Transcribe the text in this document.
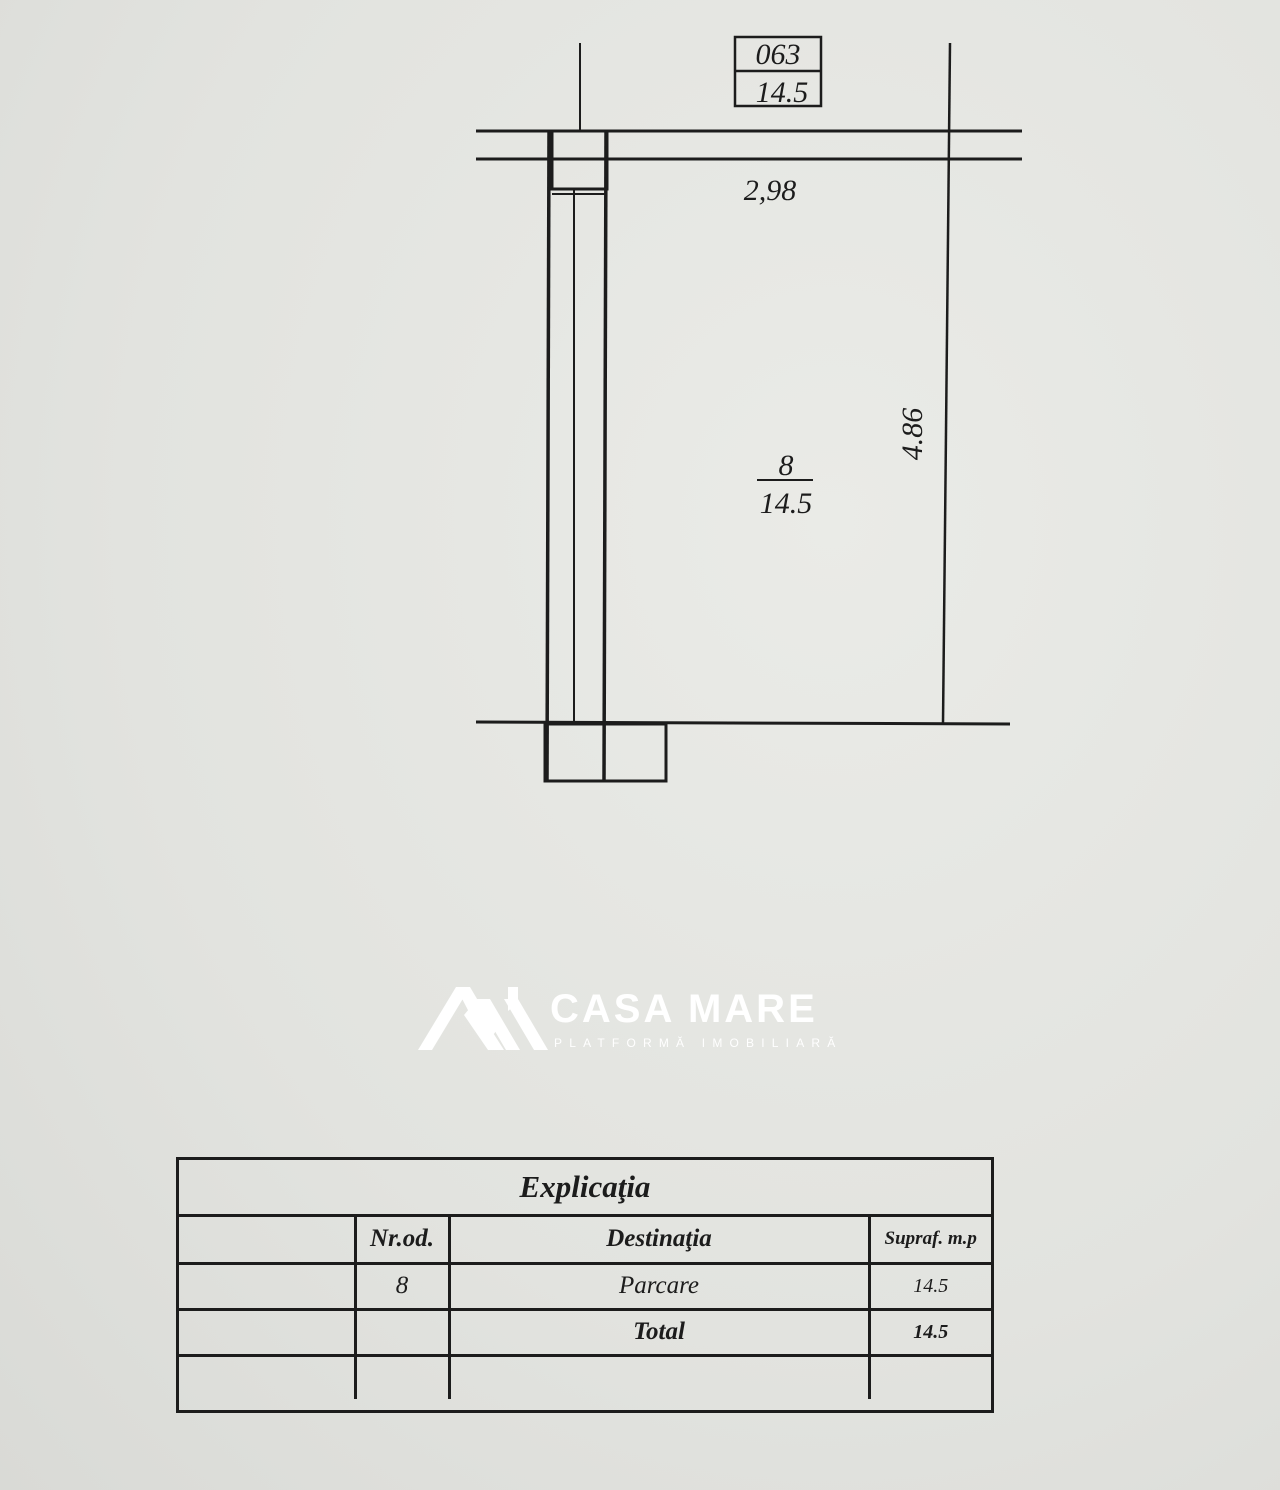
063
14.5
2,98
4.86
8
14.5
CASA MARE
PLATFORMĂ IMOBILIARĂ
Explicaţia
	Nr.od.	Destinaţia	Supraf. m.p
	8	Parcare	14.5
		Total	14.5
